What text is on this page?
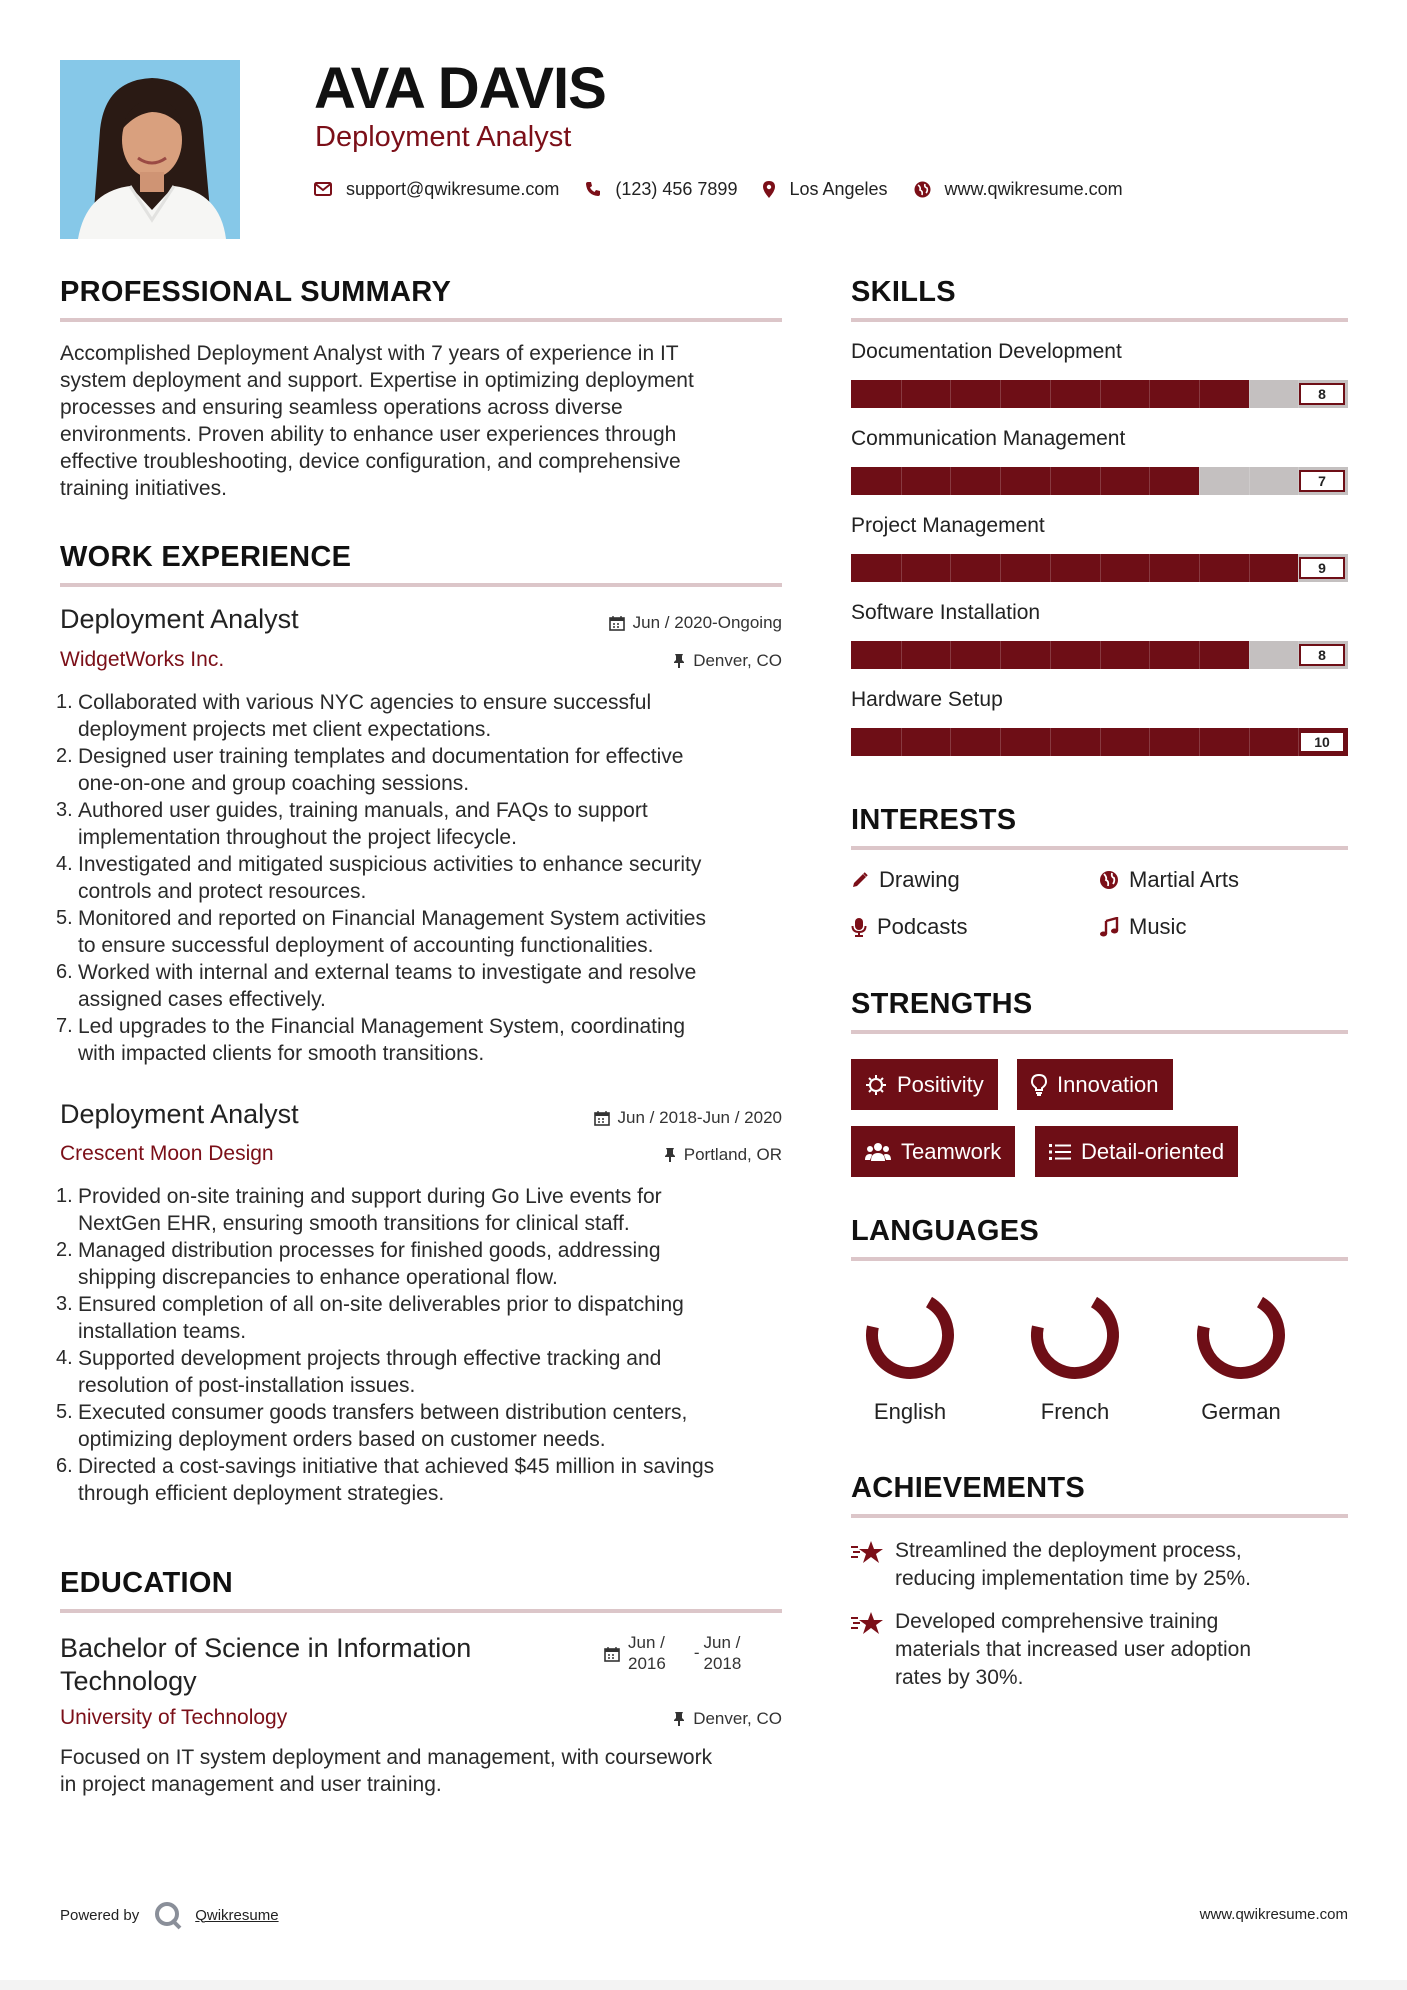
AVA DAVIS
Deployment Analyst
support@qwikresume.com	(123) 456 7899	Los Angeles	www.qwikresume.com
PROFESSIONAL SUMMARY
Accomplished Deployment Analyst with 7 years of experience in IT
system deployment and support. Expertise in optimizing deployment
processes and ensuring seamless operations across diverse
environments. Proven ability to enhance user experiences through
effective troubleshooting, device configuration, and comprehensive
training initiatives.
WORK EXPERIENCE
Deployment Analyst	Jun / 2020-Ongoing
WidgetWorks Inc.	Denver, CO
Collaborated with various NYC agencies to ensure successful
deployment projects met client expectations.
Designed user training templates and documentation for effective
one-on-one and group coaching sessions.
Authored user guides, training manuals, and FAQs to support
implementation throughout the project lifecycle.
Investigated and mitigated suspicious activities to enhance security
controls and protect resources.
Monitored and reported on Financial Management System activities
to ensure successful deployment of accounting functionalities.
Worked with internal and external teams to investigate and resolve
assigned cases effectively.
Led upgrades to the Financial Management System, coordinating
with impacted clients for smooth transitions.
Deployment Analyst	Jun / 2018-Jun / 2020
Crescent Moon Design	Portland, OR
Provided on-site training and support during Go Live events for
NextGen EHR, ensuring smooth transitions for clinical staff.
Managed distribution processes for finished goods, addressing
shipping discrepancies to enhance operational flow.
Ensured completion of all on-site deliverables prior to dispatching
installation teams.
Supported development projects through effective tracking and
resolution of post-installation issues.
Executed consumer goods transfers between distribution centers,
optimizing deployment orders based on customer needs.
Directed a cost-savings initiative that achieved $45 million in savings
through efficient deployment strategies.
EDUCATION
Bachelor of Science in Information
Technology
Jun /
2016
-
Jun /
2018
University of Technology	Denver, CO
Focused on IT system deployment and management, with coursework
in project management and user training.
SKILLS
Documentation Development
8
Communication Management
7
Project Management
9
Software Installation
8
Hardware Setup
10
INTERESTS
Drawing	Martial Arts
Podcasts	Music
STRENGTHS
Positivity	Innovation
Teamwork	Detail-oriented
LANGUAGES
English	French	German
ACHIEVEMENTS
Streamlined the deployment process,
reducing implementation time by 25%.
Developed comprehensive training
materials that increased user adoption
rates by 30%.
Powered by	Qwikresume	www.qwikresume.com
